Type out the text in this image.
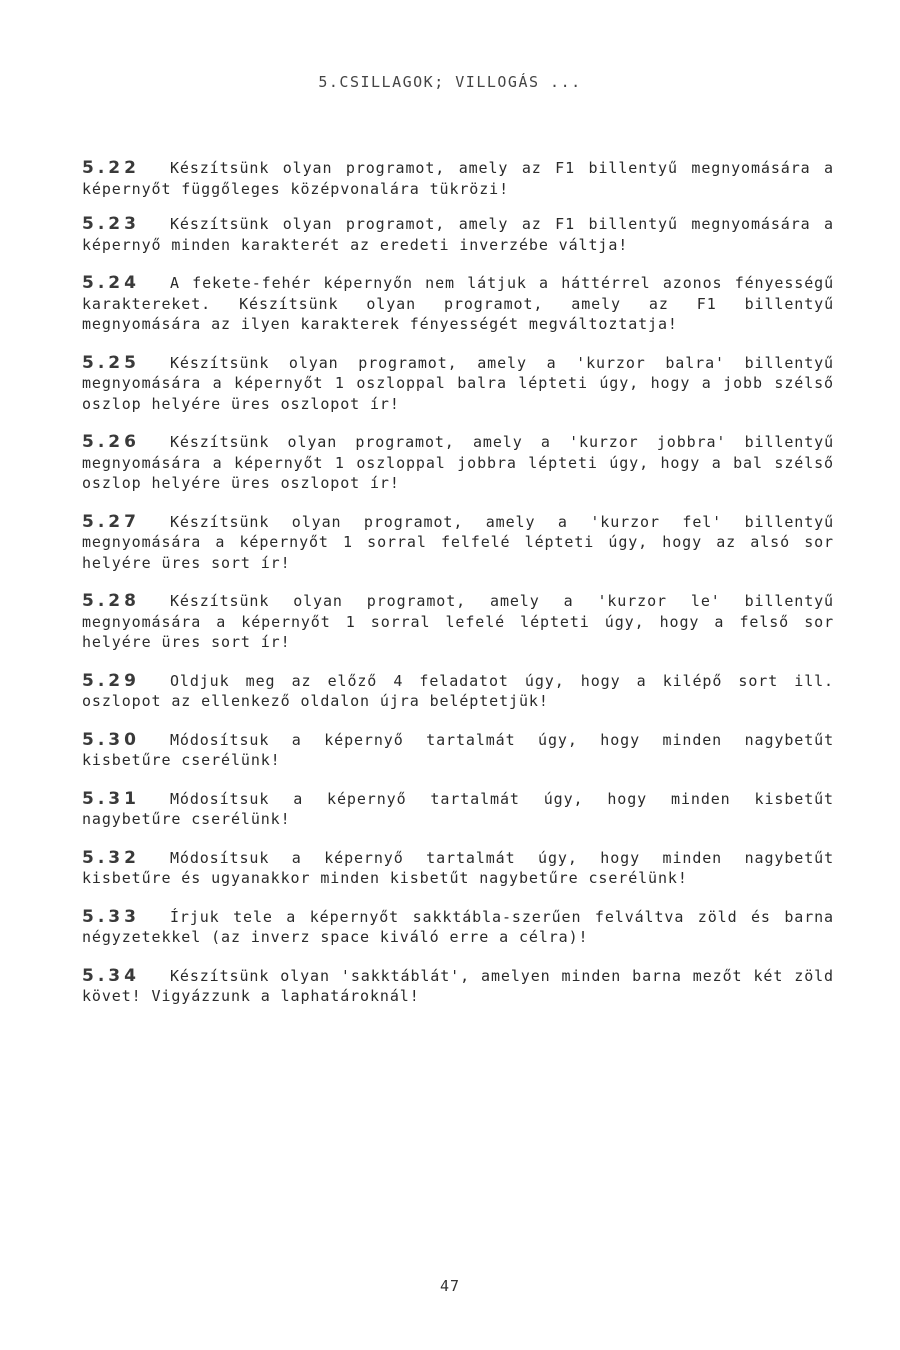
5.CSILLAGOK; VILLOGÁS ...

5.22 Készítsünk olyan programot, amely az F1 billentyű megnyomására a képernyőt függőleges középvonalára tükrözi!

5.23 Készítsünk olyan programot, amely az F1 billentyű megnyomására a képernyő minden karakterét az eredeti inverzébe váltja!

5.24 A fekete-fehér képernyőn nem látjuk a háttérrel azonos fényességű karaktereket. Készítsünk olyan programot, amely az F1 billentyű megnyomására az ilyen karakterek fényességét megváltoztatja!

5.25 Készítsünk olyan programot, amely a 'kurzor balra' billentyű megnyomására a képernyőt 1 oszloppal balra lépteti úgy, hogy a jobb szélső oszlop helyére üres oszlopot ír!

5.26 Készítsünk olyan programot, amely a 'kurzor jobbra' billentyű megnyomására a képernyőt 1 oszloppal jobbra lépteti úgy, hogy a bal szélső oszlop helyére üres oszlopot ír!

5.27 Készítsünk olyan programot, amely a 'kurzor fel' billentyű megnyomására a képernyőt 1 sorral felfelé lépteti úgy, hogy az alsó sor helyére üres sort ír!

5.28 Készítsünk olyan programot, amely a 'kurzor le' billentyű megnyomására a képernyőt 1 sorral lefelé lépteti úgy, hogy a felső sor helyére üres sort ír!

5.29 Oldjuk meg az előző 4 feladatot úgy, hogy a kilépő sort ill. oszlopot az ellenkező oldalon újra beléptetjük!

5.30 Módosítsuk a képernyő tartalmát úgy, hogy minden nagybetűt kisbetűre cserélünk!

5.31 Módosítsuk a képernyő tartalmát úgy, hogy minden kisbetűt nagybetűre cserélünk!

5.32 Módosítsuk a képernyő tartalmát úgy, hogy minden nagybetűt kisbetűre és ugyanakkor minden kisbetűt nagybetűre cserélünk!

5.33 Írjuk tele a képernyőt sakktábla-szerűen felváltva zöld és barna négyzetekkel (az inverz space kiváló erre a célra)!

5.34 Készítsünk olyan 'sakktáblát', amelyen minden barna mezőt két zöld követ! Vigyázzunk a laphatároknál!

47
